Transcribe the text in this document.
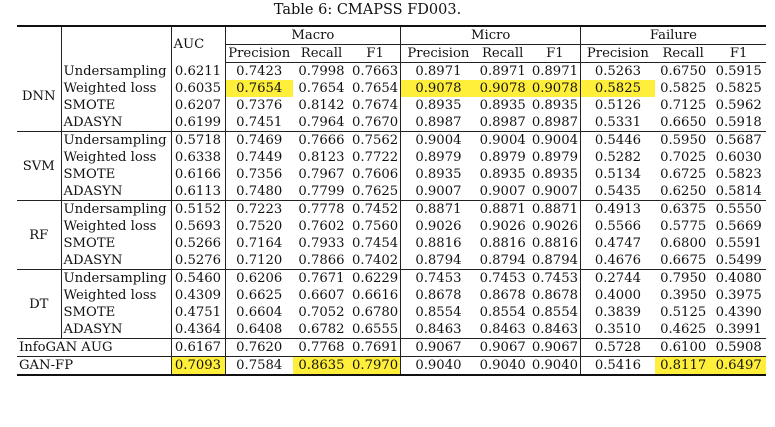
Table 6: CMAPSS FD003.
		AUC	Macro			Micro			Failure		
			Precision	Recall	F1	Precision	Recall	F1	Precision	Recall	F1
DNN	Undersampling	0.6211	0.7423	0.7998	0.7663	0.8971	0.8971	0.8971	0.5263	0.6750	0.5915
	Weighted loss	0.6035	0.7654	0.7654	0.7654	0.9078	0.9078	0.9078	0.5825	0.5825	0.5825
	SMOTE	0.6207	0.7376	0.8142	0.7674	0.8935	0.8935	0.8935	0.5126	0.7125	0.5962
	ADASYN	0.6199	0.7451	0.7964	0.7670	0.8987	0.8987	0.8987	0.5331	0.6650	0.5918
SVM	Undersampling	0.5718	0.7469	0.7666	0.7562	0.9004	0.9004	0.9004	0.5446	0.5950	0.5687
	Weighted loss	0.6338	0.7449	0.8123	0.7722	0.8979	0.8979	0.8979	0.5282	0.7025	0.6030
	SMOTE	0.6166	0.7356	0.7967	0.7606	0.8935	0.8935	0.8935	0.5134	0.6725	0.5823
	ADASYN	0.6113	0.7480	0.7799	0.7625	0.9007	0.9007	0.9007	0.5435	0.6250	0.5814
RF	Undersampling	0.5152	0.7223	0.7778	0.7452	0.8871	0.8871	0.8871	0.4913	0.6375	0.5550
	Weighted loss	0.5693	0.7520	0.7602	0.7560	0.9026	0.9026	0.9026	0.5566	0.5775	0.5669
	SMOTE	0.5266	0.7164	0.7933	0.7454	0.8816	0.8816	0.8816	0.4747	0.6800	0.5591
	ADASYN	0.5276	0.7120	0.7866	0.7402	0.8794	0.8794	0.8794	0.4676	0.6675	0.5499
DT	Undersampling	0.5460	0.6206	0.7671	0.6229	0.7453	0.7453	0.7453	0.2744	0.7950	0.4080
	Weighted loss	0.4309	0.6625	0.6607	0.6616	0.8678	0.8678	0.8678	0.4000	0.3950	0.3975
	SMOTE	0.4751	0.6604	0.7052	0.6780	0.8554	0.8554	0.8554	0.3839	0.5125	0.4390
	ADASYN	0.4364	0.6408	0.6782	0.6555	0.8463	0.8463	0.8463	0.3510	0.4625	0.3991
InfoGAN AUG		0.6167	0.7620	0.7768	0.7691	0.9067	0.9067	0.9067	0.5728	0.6100	0.5908
GAN-FP		0.7093	0.7584	0.8635	0.7970	0.9040	0.9040	0.9040	0.5416	0.8117	0.6497
